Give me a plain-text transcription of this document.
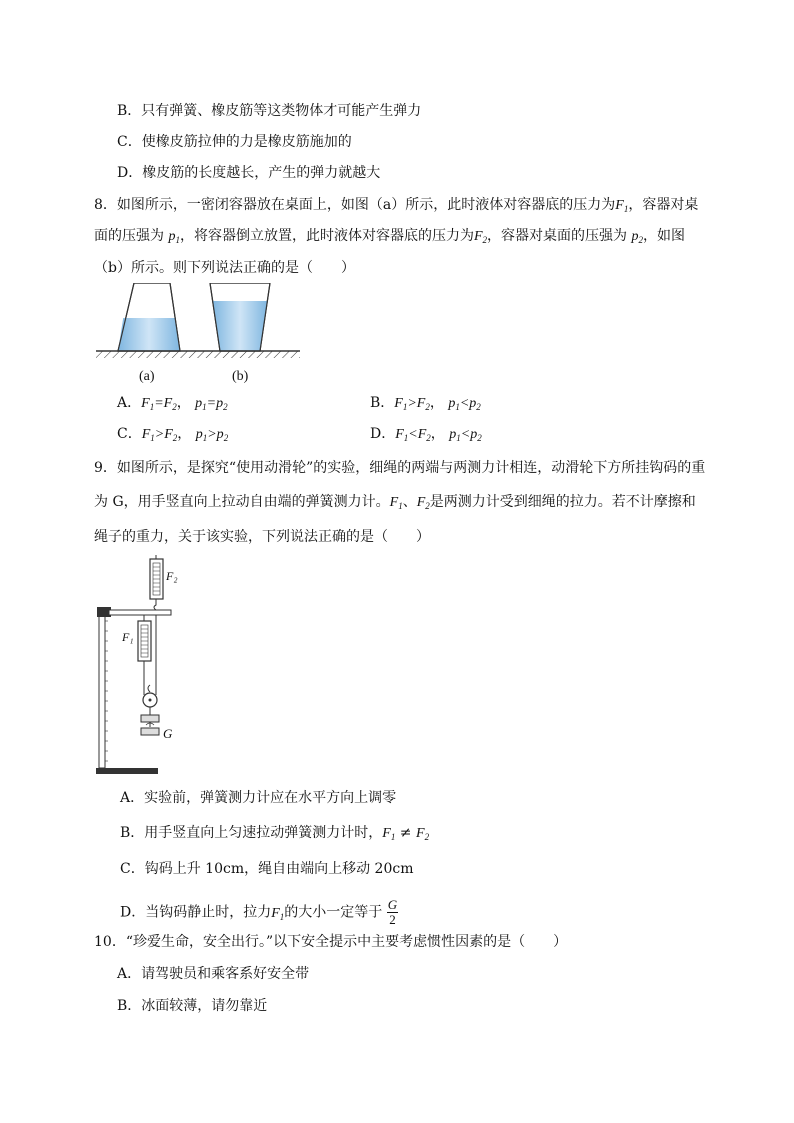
B．只有弹簧、橡皮筋等这类物体才可能产生弹力
C．使橡皮筋拉伸的力是橡皮筋施加的
D．橡皮筋的长度越长，产生的弹力就越大
8．如图所示，一密闭容器放在桌面上，如图（a）所示，此时液体对容器底的压力为$F_1$，容器对桌
面的压强为 $p_1$，将容器倒立放置，此时液体对容器底的压力为$F_2$，容器对桌面的压强为 $p_2$，如图
（b）所示。则下列说法正确的是（　　）
(a)	(b)
A．$F_1=F_2$， $p_1=p_2$	B．$F_1>F_2$， $p_1<p_2$
C．$F_1>F_2$， $p_1>p_2$	D．$F_1<F_2$， $p_1<p_2$
9．如图所示，是探究“使用动滑轮”的实验，细绳的两端与两测力计相连，动滑轮下方所挂钩码的重
为 G，用手竖直向上拉动自由端的弹簧测力计。$F_1$、$F_2$是两测力计受到细绳的拉力。若不计摩擦和
绳子的重力，关于该实验，下列说法正确的是（　　）
F₂
F₁
G
A．实验前，弹簧测力计应在水平方向上调零
B．用手竖直向上匀速拉动弹簧测力计时，$F_1 \ne F_2$
C．钩码上升 10cm，绳自由端向上移动 20cm
D．当钩码静止时，拉力$F_1$的大小一定等于 $\frac{G}{2}$
10．“珍爱生命，安全出行。”以下安全提示中主要考虑惯性因素的是（　　）
A．请驾驶员和乘客系好安全带
B．冰面较薄，请勿靠近
